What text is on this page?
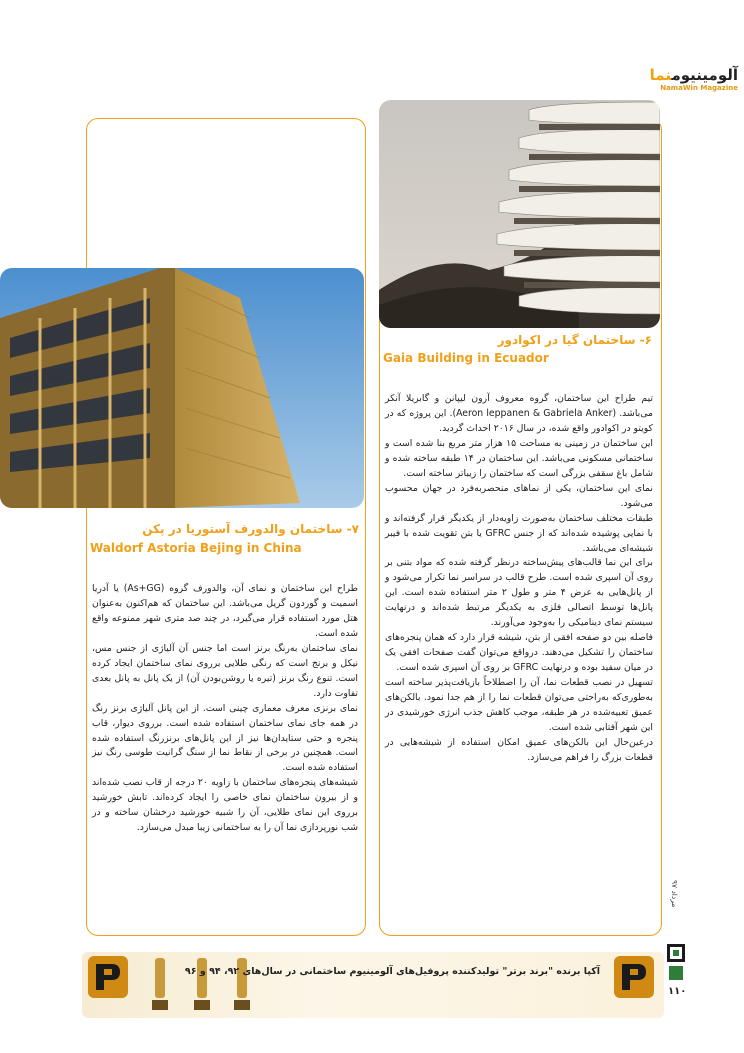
آلومینیومنما
NamaWin Magazine
۶- ساختمان گیا در اکوادور
Gaia Building in Ecuador

تیم طراح این ساختمان، گروه معروف آرون لیپانن و گابریلا آنکر می‌باشد. (Aeron leppanen & Gabriela Anker). این پروژه که در کویتو در اکوادور واقع شده، در سال ۲۰۱۶ احداث گردید.

این ساختمان در زمینی به مساحت ۱۵ هزار متر مربع بنا شده است و ساختمانی مسکونی می‌باشد. این ساختمان در ۱۴ طبقه ساخته شده و شامل باغ سقفی بزرگی است که ساختمان را زیباتر ساخته است.

نمای این ساختمان، یکی از نماهای منحصربه‌فرد در جهان محسوب می‌شود.

طبقات مختلف ساختمان به‌صورت زاویه‌دار از یکدیگر قرار گرفته‌اند و با نمایی پوشیده شده‌اند که از جنس GFRC یا بتن تقویت شده با فیبر شیشه‌ای می‌باشد.

برای این نما قالب‌های پیش‌ساخته درنظر گرفته شده که مواد بتنی بر روی آن اسپری شده است. طرح قالب در سراسر نما تکرار می‌شود و از پانل‌هایی به عرض ۴ متر و طول ۲ متر استفاده شده است. این پانل‌ها توسط اتصالی فلزی به یکدیگر مرتبط شده‌اند و درنهایت سیستم نمای دینامیکی را به‌وجود می‌آورند.

فاصله بین دو صفحه افقی از بتن، شیشه قرار دارد که همان پنجره‌های ساختمان را تشکیل می‌دهند. درواقع می‌توان گفت صفحات افقی یک در میان سفید بوده و درنهایت GFRC بر روی آن اسپری شده است.

تسهیل در نصب قطعات نما، آن را اصطلاحاً بازیافت‌پذیر ساخته است به‌طوری‌که به‌راحتی می‌توان قطعات نما را از هم جدا نمود. بالکن‌های عمیق تعبیه‌شده در هر طبقه، موجب کاهش جذب انرژی خورشیدی در این شهر آفتابی شده است.

درعین‌حال این بالکن‌های عمیق امکان استفاده از شیشه‌هایی در قطعات بزرگ را فراهم می‌سازد.

۷- ساختمان والدورف آستوریا در پکن
Waldorf Astoria Bejing in China

طراح این ساختمان و نمای آن، والدورف گروه (As+GG) یا آدریا اسمیت و گوردون گریل می‌باشد. این ساختمان که هم‌اکنون به‌عنوان هتل مورد استفاده قرار می‌گیرد، در چند صد متری شهر ممنوعه واقع شده است.

نمای ساختمان به‌رنگ برنز است اما جنس آن آلیاژی از جنس مس، نیکل و برنج است که رنگی طلایی برروی نمای ساختمان ایجاد کرده است. تنوع رنگ برنز (تیره یا روشن‌بودن آن) از یک پانل به پانل بعدی تفاوت دارد.

نمای برنزی معرف معماری چینی است. از این پانل آلیاژی برنز رنگ در همه جای نمای ساختمان استفاده شده است. برروی دیوار، قاب پنجره و حتی ستایدان‌ها نیز از این پانل‌های برنزرنگ استفاده شده است. همچنین در برخی از نقاط نما از سنگ گرانیت طوسی رنگ نیز استفاده شده است.

شیشه‌های پنجره‌های ساختمان با زاویه ۲۰ درجه از قاب نصب شده‌اند و از بیرون ساختمان نمای خاصی را ایجاد کرده‌اند. تابش خورشید برروی این نمای طلایی، آن را شبیه خورشید درخشان ساخته و در شب نورپردازی نما آن را به ساختمانی زیبا مبدل می‌سازد.

مرداد ۹۷
۱۱۰
آکپا برنده "برند برتر" تولیدکننده پروفیل‌های آلومینیوم ساختمانی در سال‌های ۹۲، ۹۴ و ۹۶
